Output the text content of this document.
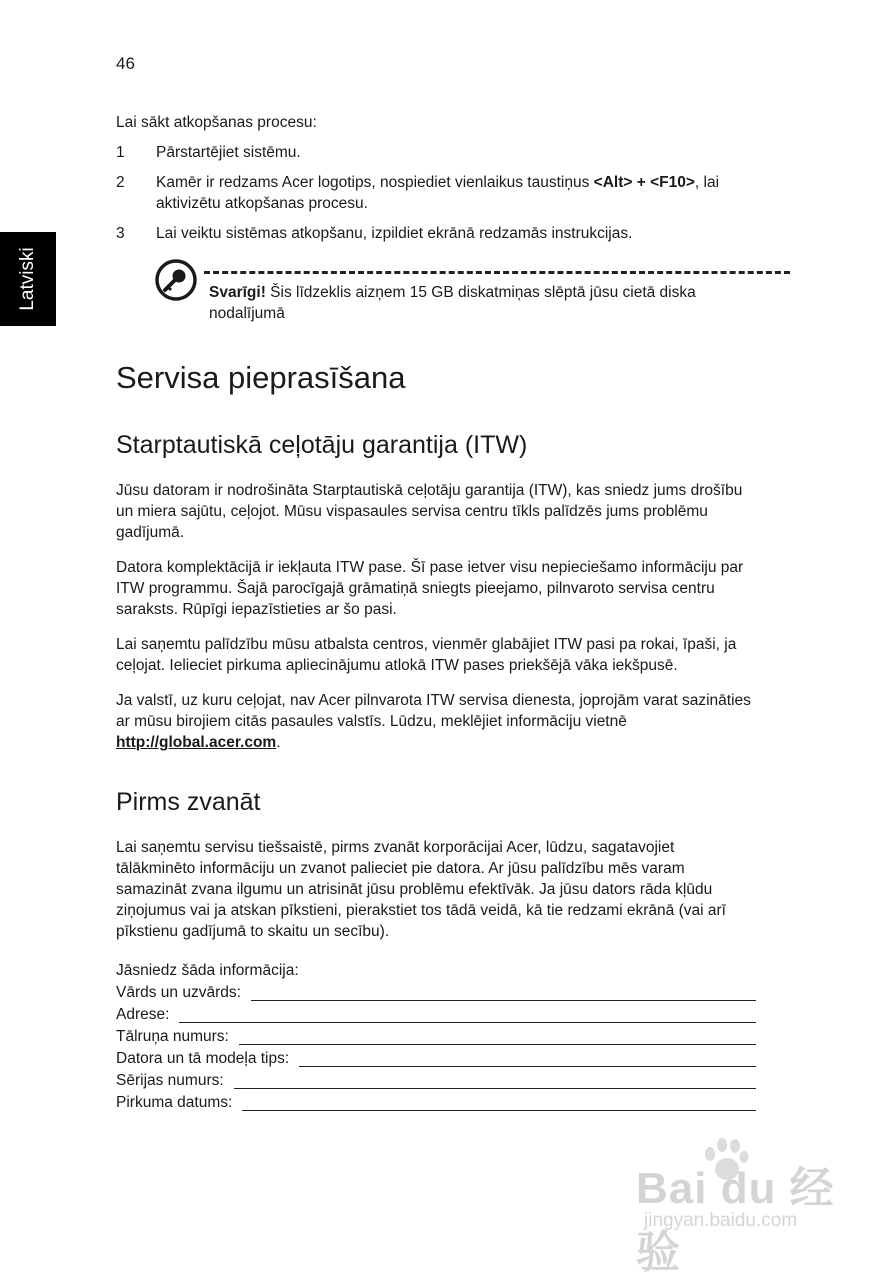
Latviski
46

Lai sākt atkopšanas procesu:

1	Pārstartējiet sistēmu.
2	Kamēr ir redzams Acer logotips, nospiediet vienlaikus taustiņus <Alt> + <F10>, lai aktivizētu atkopšanas procesu.
3	Lai veiktu sistēmas atkopšanu, izpildiet ekrānā redzamās instrukcijas.

Svarīgi! Šis līdzeklis aizņem 15 GB diskatmiņas slēptā jūsu cietā diska nodalījumā

Servisa pieprasīšana
Starptautiskā ceļotāju garantija (ITW)

Jūsu datoram ir nodrošināta Starptautiskā ceļotāju garantija (ITW), kas sniedz jums drošību un miera sajūtu, ceļojot. Mūsu vispasaules servisa centru tīkls palīdzēs jums problēmu gadījumā.

Datora komplektācijā ir iekļauta ITW pase. Šī pase ietver visu nepieciešamo informāciju par ITW programmu. Šajā parocīgajā grāmatiņā sniegts pieejamo, pilnvaroto servisa centru saraksts. Rūpīgi iepazīstieties ar šo pasi.

Lai saņemtu palīdzību mūsu atbalsta centros, vienmēr glabājiet ITW pasi pa rokai, īpaši, ja ceļojat. Ielieciet pirkuma apliecinājumu atlokā ITW pases priekšējā vāka iekšpusē.

Ja valstī, uz kuru ceļojat, nav Acer pilnvarota ITW servisa dienesta, joprojām varat sazināties ar mūsu birojiem citās pasaules valstīs. Lūdzu, meklējiet informāciju vietnē http://global.acer.com.

Pirms zvanāt

Lai saņemtu servisu tiešsaistē, pirms zvanāt korporācijai Acer, lūdzu, sagatavojiet tālākminēto informāciju un zvanot palieciet pie datora. Ar jūsu palīdzību mēs varam samazināt zvana ilgumu un atrisināt jūsu problēmu efektīvāk. Ja jūsu dators rāda kļūdu ziņojumus vai ja atskan pīkstieni, pierakstiet tos tādā veidā, kā tie redzami ekrānā (vai arī pīkstienu gadījumā to skaitu un secību).

Jāsniedz šāda informācija:

Vārds un uzvārds:
Adrese:
Tālruņa numurs:
Datora un tā modeļa tips:
Sērijas numurs:
Pirkuma datums:
Bai du 经验
jingyan.baidu.com
